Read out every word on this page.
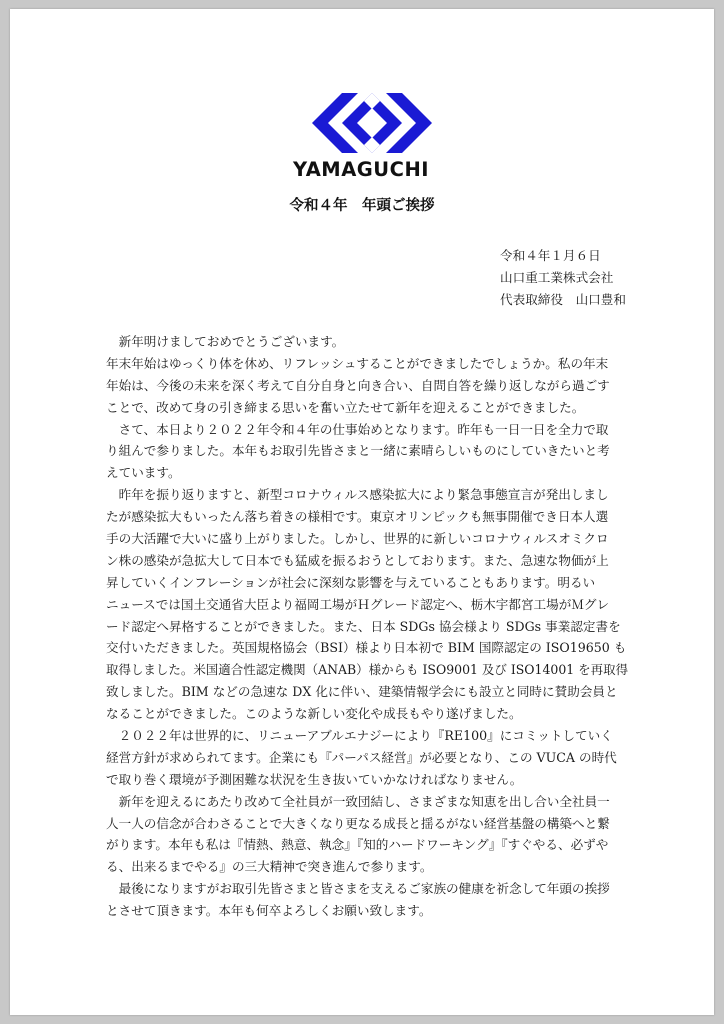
YAMAGUCHI
令和４年　年頭ご挨拶
令和４年１月６日
山口重工業株式会社
代表取締役　山口豊和
　新年明けましておめでとうございます。
年末年始はゆっくり体を休め、リフレッシュすることができましたでしょうか。私の年末
年始は、今後の未来を深く考えて自分自身と向き合い、自問自答を繰り返しながら過ごす
ことで、改めて身の引き締まる思いを奮い立たせて新年を迎えることができました。
　さて、本日より２０２２年令和４年の仕事始めとなります。昨年も一日一日を全力で取
り組んで参りました。本年もお取引先皆さまと一緒に素晴らしいものにしていきたいと考
えています。
　昨年を振り返りますと、新型コロナウィルス感染拡大により緊急事態宣言が発出しまし
たが感染拡大もいったん落ち着きの様相です。東京オリンピックも無事開催でき日本人選
手の大活躍で大いに盛り上がりました。しかし、世界的に新しいコロナウィルスオミクロ
ン株の感染が急拡大して日本でも猛威を振るおうとしております。また、急速な物価が上
昇していくインフレーションが社会に深刻な影響を与えていることもあります。明るい
ニュースでは国土交通省大臣より福岡工場がＨグレード認定へ、栃木宇都宮工場がＭグレ
ード認定へ昇格することができました。また、日本 SDGs 協会様より SDGs 事業認定書を
交付いただきました。英国規格協会（BSI）様より日本初で BIM 国際認定の ISO19650 も
取得しました。米国適合性認定機関（ANAB）様からも ISO9001 及び ISO14001 を再取得
致しました。BIM などの急速な DX 化に伴い、建築情報学会にも設立と同時に賛助会員と
なることができました。このような新しい変化や成長もやり遂げました。
　２０２２年は世界的に、リニューアブルエナジーにより『RE100』にコミットしていく
経営方針が求められてます。企業にも『パーパス経営』が必要となり、この VUCA の時代
で取り巻く環境が予測困難な状況を生き抜いていかなければなりません。
　新年を迎えるにあたり改めて全社員が一致団結し、さまざまな知恵を出し合い全社員一
人一人の信念が合わさることで大きくなり更なる成長と揺るがない経営基盤の構築へと繋
がります。本年も私は『情熱、熱意、執念』『知的ハードワーキング』『すぐやる、必ずや
る、出来るまでやる』の三大精神で突き進んで参ります。
　最後になりますがお取引先皆さまと皆さまを支えるご家族の健康を祈念して年頭の挨拶
とさせて頂きます。本年も何卒よろしくお願い致します。
